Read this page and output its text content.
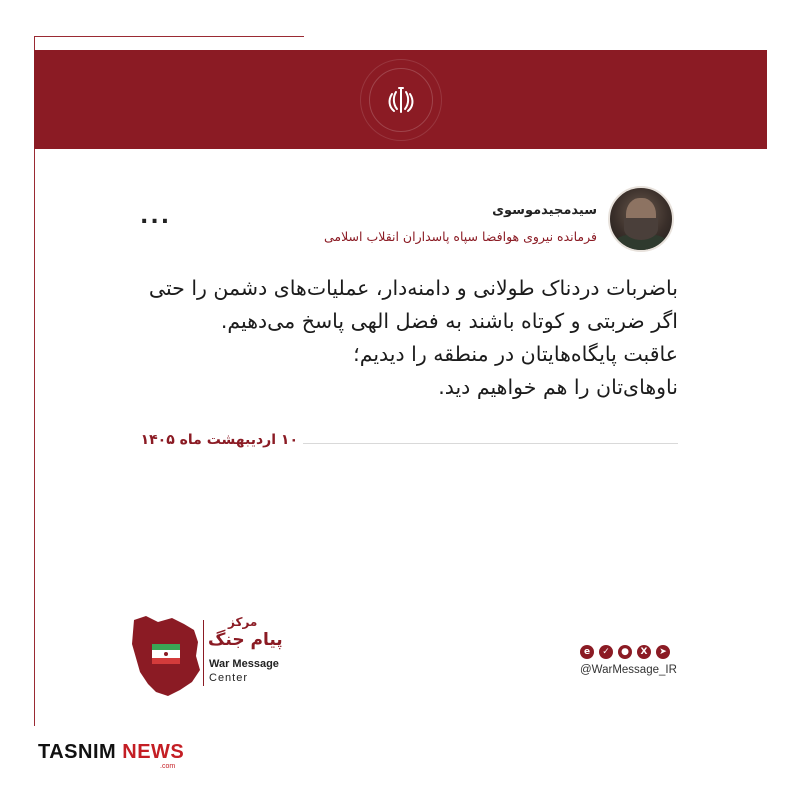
سیدمجیدموسوی
فرمانده نیروی هوافضا سپاه پاسداران انقلاب اسلامی
...
باضربات دردناک طولانی و دامنه‌دار، عملیات‌های دشمن را حتی
اگر ضربتی و کوتاه باشند به فضل الهی پاسخ می‌دهیم.
عاقبت پایگاه‌هایتان در منطقه را دیدیم؛
ناوهای‌تان را هم خواهیم دید.
۱۰ اردیبهشت ماه ۱۴۰۵
مرکز
پیام جنگ
War Message
Center
e	✓	●	X	➤
@WarMessage_IR
TASNIM NEWS
.com
